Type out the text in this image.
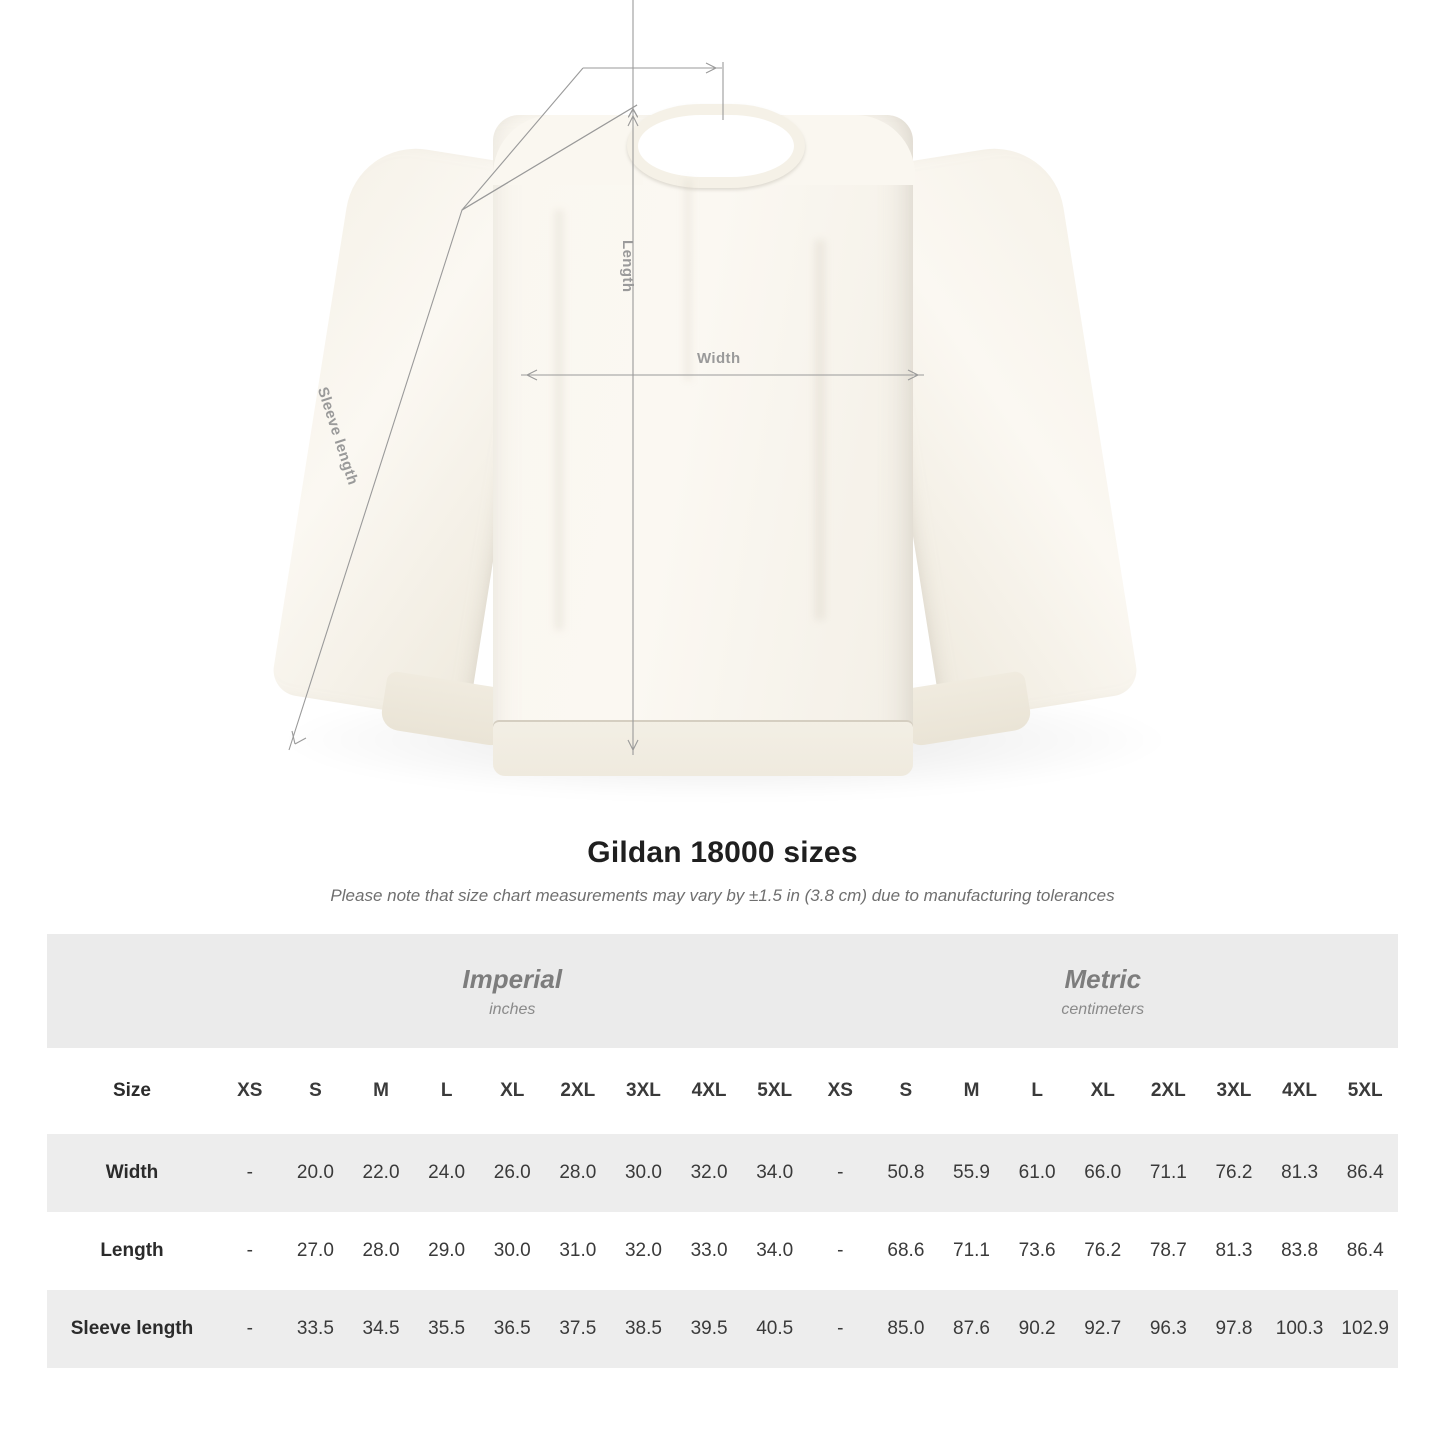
Length
Width
Sleeve length
Gildan 18000 sizes
Please note that size chart measurements may vary by ±1.5 in (3.8 cm) due to manufacturing tolerances

Imperial
inches

Metric
centimeters

Size	XS	S	M	L	XL	2XL	3XL	4XL	5XL	XS	S	M	L	XL	2XL	3XL	4XL	5XL
Width	-	20.0	22.0	24.0	26.0	28.0	30.0	32.0	34.0	-	50.8	55.9	61.0	66.0	71.1	76.2	81.3	86.4
Length	-	27.0	28.0	29.0	30.0	31.0	32.0	33.0	34.0	-	68.6	71.1	73.6	76.2	78.7	81.3	83.8	86.4
Sleeve length	-	33.5	34.5	35.5	36.5	37.5	38.5	39.5	40.5	-	85.0	87.6	90.2	92.7	96.3	97.8	100.3	102.9
